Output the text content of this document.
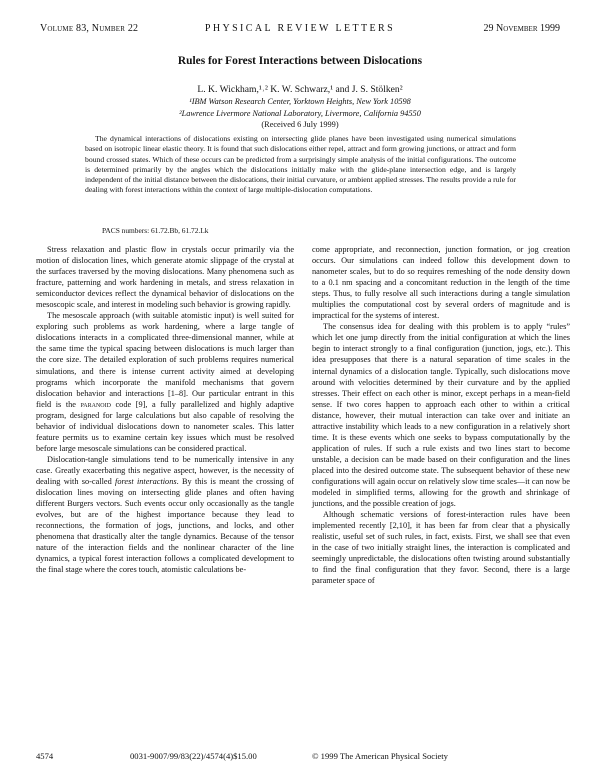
Volume 83, Number 22	PHYSICAL REVIEW LETTERS	29 November 1999
Rules for Forest Interactions between Dislocations
L. K. Wickham,¹˒² K. W. Schwarz,¹ and J. S. Stölken²
¹IBM Watson Research Center, Yorktown Heights, New York 10598
²Lawrence Livermore National Laboratory, Livermore, California 94550
(Received 6 July 1999)

The dynamical interactions of dislocations existing on intersecting glide planes have been investigated using numerical simulations based on isotropic linear elastic theory. It is found that such dislocations either repel, attract and form growing junctions, or attract and form bound crossed states. Which of these occurs can be predicted from a surprisingly simple analysis of the initial configurations. The outcome is determined primarily by the angles which the dislocations initially make with the glide-plane intersection edge, and is largely independent of the initial distance between the dislocations, their initial curvature, or ambient applied stresses. The results provide a rule for dealing with forest interactions within the context of large multiple-dislocation computations.

PACS numbers: 61.72.Bb, 61.72.Lk

Stress relaxation and plastic flow in crystals occur primarily via the motion of dislocation lines, which generate atomic slippage of the crystal at the surfaces traversed by the moving dislocations. Many phenomena such as fracture, patterning and work hardening in metals, and stress relaxation in semiconductor devices reflect the dynamical behavior of dislocations on the mesoscopic scale, and interest in modeling such behavior is growing rapidly.

The mesoscale approach (with suitable atomistic input) is well suited for exploring such problems as work hardening, where a large tangle of dislocations interacts in a complicated three-dimensional manner, while at the same time the typical spacing between dislocations is much larger than the core size. The detailed exploration of such problems requires numerical simulations, and there is intense current activity aimed at developing programs which incorporate the manifold mechanisms that govern dislocation behavior and interactions [1–8]. Our particular entrant in this field is the paranoid code [9], a fully parallelized and highly adaptive program, designed for large calculations but also capable of resolving the behavior of individual dislocations down to nanometer scales. This latter feature permits us to examine certain key issues which must be resolved before large mesoscale simulations can be considered practical.

Dislocation-tangle simulations tend to be numerically intensive in any case. Greatly exacerbating this negative aspect, however, is the necessity of dealing with so-called forest interactions. By this is meant the crossing of dislocation lines moving on intersecting glide planes and often having different Burgers vectors. Such events occur only occasionally as the tangle evolves, but are of the highest importance because they lead to reconnections, the formation of jogs, junctions, and locks, and other phenomena that drastically alter the tangle dynamics. Because of the tensor nature of the interaction fields and the nonlinear character of the line dynamics, a typical forest interaction follows a complicated development to the final stage where the cores touch, atomistic calculations be-

come appropriate, and reconnection, junction formation, or jog creation occurs. Our simulations can indeed follow this development down to nanometer scales, but to do so requires remeshing of the node density down to a 0.1 nm spacing and a concomitant reduction in the length of the time steps. Thus, to fully resolve all such interactions during a tangle simulation multiplies the computational cost by several orders of magnitude and is impractical for the systems of interest.

The consensus idea for dealing with this problem is to apply “rules” which let one jump directly from the initial configuration at which the lines begin to interact strongly to a final configuration (junction, jogs, etc.). This idea presupposes that there is a natural separation of time scales in the internal dynamics of a dislocation tangle. Typically, such dislocations move around with velocities determined by their curvature and by the applied stresses. Their effect on each other is minor, except perhaps in a mean-field sense. If two cores happen to approach each other to within a critical distance, however, their mutual interaction can take over and initiate an attractive instability which leads to a new configuration in a relatively short time. It is these events which one seeks to bypass computationally by the application of rules. If such a rule exists and two lines start to become unstable, a decision can be made based on their configuration and the lines placed into the desired outcome state. The subsequent behavior of these new configurations will again occur on relatively slow time scales—it can now be modeled in simplified terms, allowing for the growth and shrinkage of junctions, and the possible creation of jogs.

Although schematic versions of forest-interaction rules have been implemented recently [2,10], it has been far from clear that a physically realistic, useful set of such rules, in fact, exists. First, we shall see that even in the case of two initially straight lines, the interaction is complicated and seemingly unpredictable, the dislocations often twisting around substantially to find the final configuration that they favor. Second, there is a large parameter space of

4574	0031-9007/99/83(22)/4574(4)$15.00	© 1999 The American Physical Society
